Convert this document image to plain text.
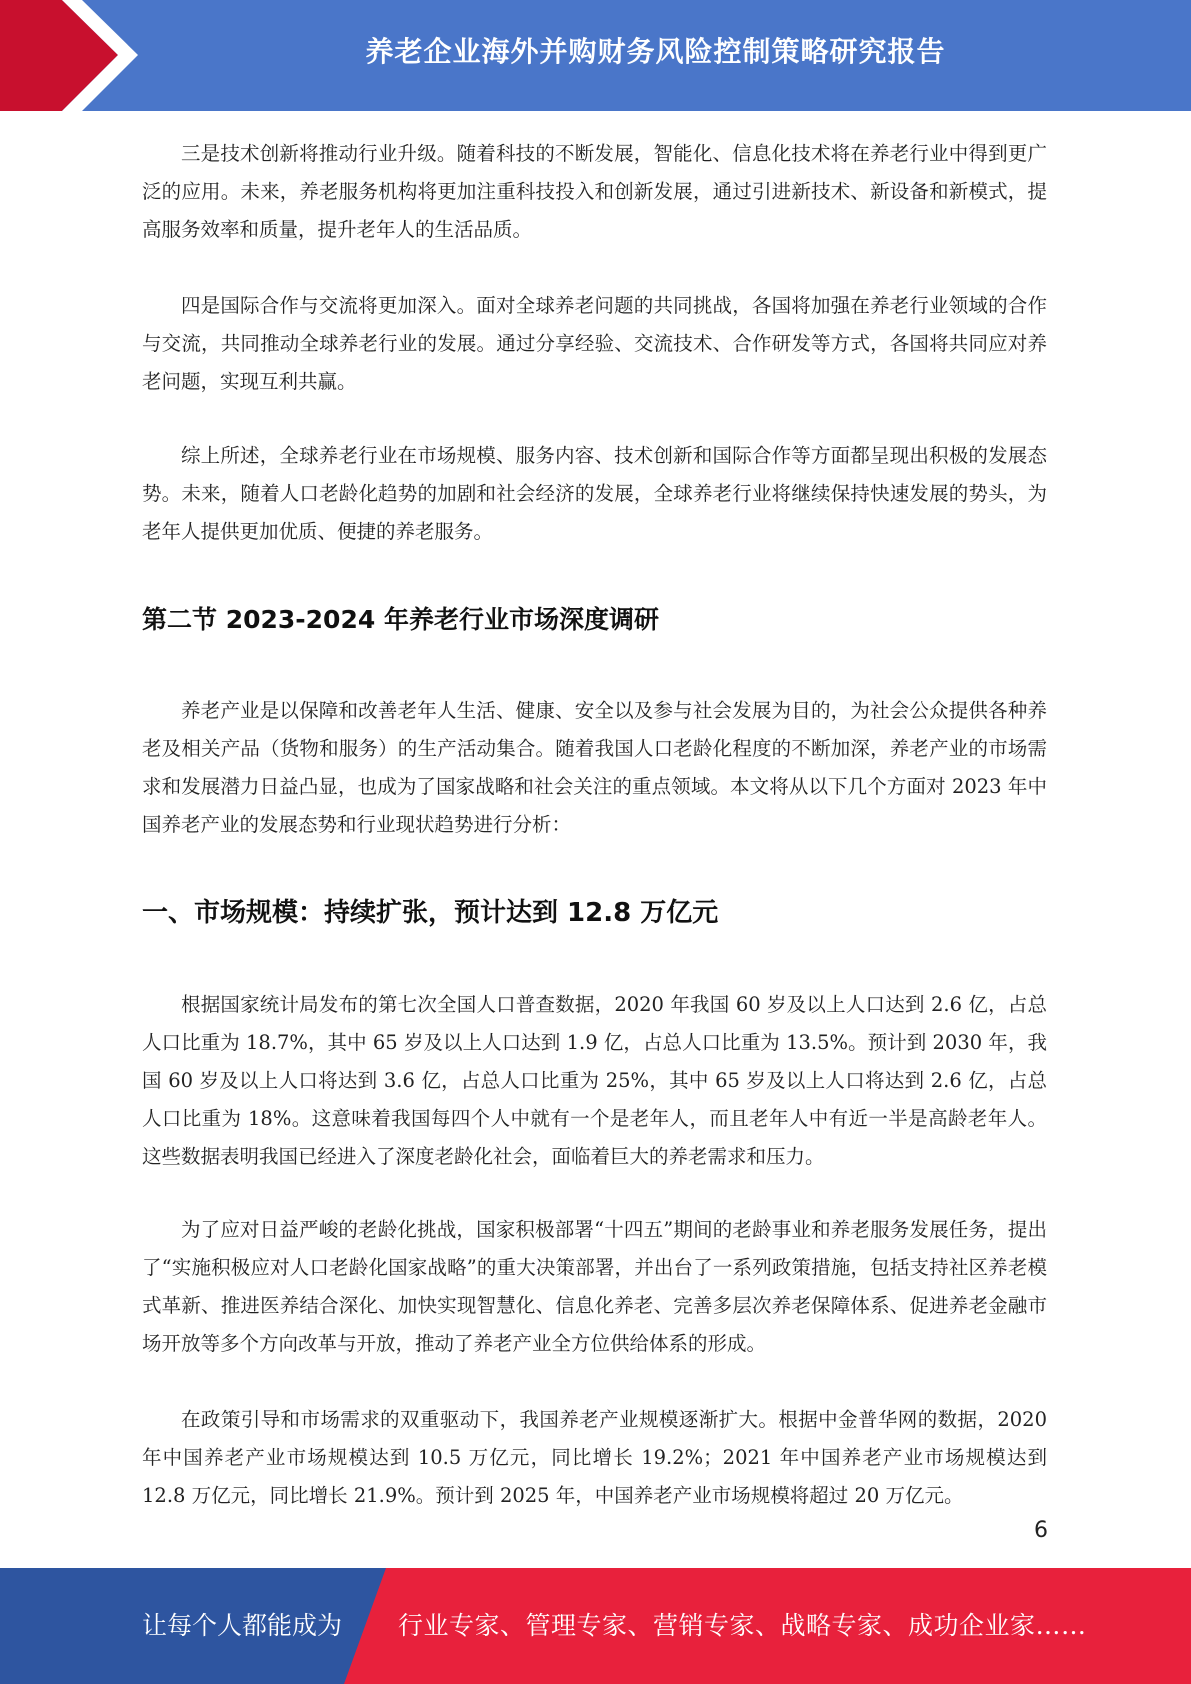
养老企业海外并购财务风险控制策略研究报告

三是技术创新将推动行业升级。随着科技的不断发展，智能化、信息化技术将在养老行业中得到更广泛的应用。未来，养老服务机构将更加注重科技投入和创新发展，通过引进新技术、新设备和新模式，提高服务效率和质量，提升老年人的生活品质。

四是国际合作与交流将更加深入。面对全球养老问题的共同挑战，各国将加强在养老行业领域的合作与交流，共同推动全球养老行业的发展。通过分享经验、交流技术、合作研发等方式，各国将共同应对养老问题，实现互利共赢。

综上所述，全球养老行业在市场规模、服务内容、技术创新和国际合作等方面都呈现出积极的发展态势。未来，随着人口老龄化趋势的加剧和社会经济的发展，全球养老行业将继续保持快速发展的势头，为老年人提供更加优质、便捷的养老服务。

第二节 2023-2024 年养老行业市场深度调研

养老产业是以保障和改善老年人生活、健康、安全以及参与社会发展为目的，为社会公众提供各种养老及相关产品（货物和服务）的生产活动集合。随着我国人口老龄化程度的不断加深，养老产业的市场需求和发展潜力日益凸显，也成为了国家战略和社会关注的重点领域。本文将从以下几个方面对 2023 年中国养老产业的发展态势和行业现状趋势进行分析：

一、市场规模：持续扩张，预计达到 12.8 万亿元

根据国家统计局发布的第七次全国人口普查数据，2020 年我国 60 岁及以上人口达到 2.6 亿，占总人口比重为 18.7%，其中 65 岁及以上人口达到 1.9 亿，占总人口比重为 13.5%。预计到 2030 年，我国 60 岁及以上人口将达到 3.6 亿，占总人口比重为 25%，其中 65 岁及以上人口将达到 2.6 亿，占总人口比重为 18%。这意味着我国每四个人中就有一个是老年人，而且老年人中有近一半是高龄老年人。这些数据表明我国已经进入了深度老龄化社会，面临着巨大的养老需求和压力。

为了应对日益严峻的老龄化挑战，国家积极部署“十四五”期间的老龄事业和养老服务发展任务，提出了“实施积极应对人口老龄化国家战略”的重大决策部署，并出台了一系列政策措施，包括支持社区养老模式革新、推进医养结合深化、加快实现智慧化、信息化养老、完善多层次养老保障体系、促进养老金融市场开放等多个方向改革与开放，推动了养老产业全方位供给体系的形成。

在政策引导和市场需求的双重驱动下，我国养老产业规模逐渐扩大。根据中金普华网的数据，2020 年中国养老产业市场规模达到 10.5 万亿元，同比增长 19.2%；2021 年中国养老产业市场规模达到 12.8 万亿元，同比增长 21.9%。预计到 2025 年，中国养老产业市场规模将超过 20 万亿元。

6
让每个人都能成为 行业专家、管理专家、营销专家、战略专家、成功企业家……
